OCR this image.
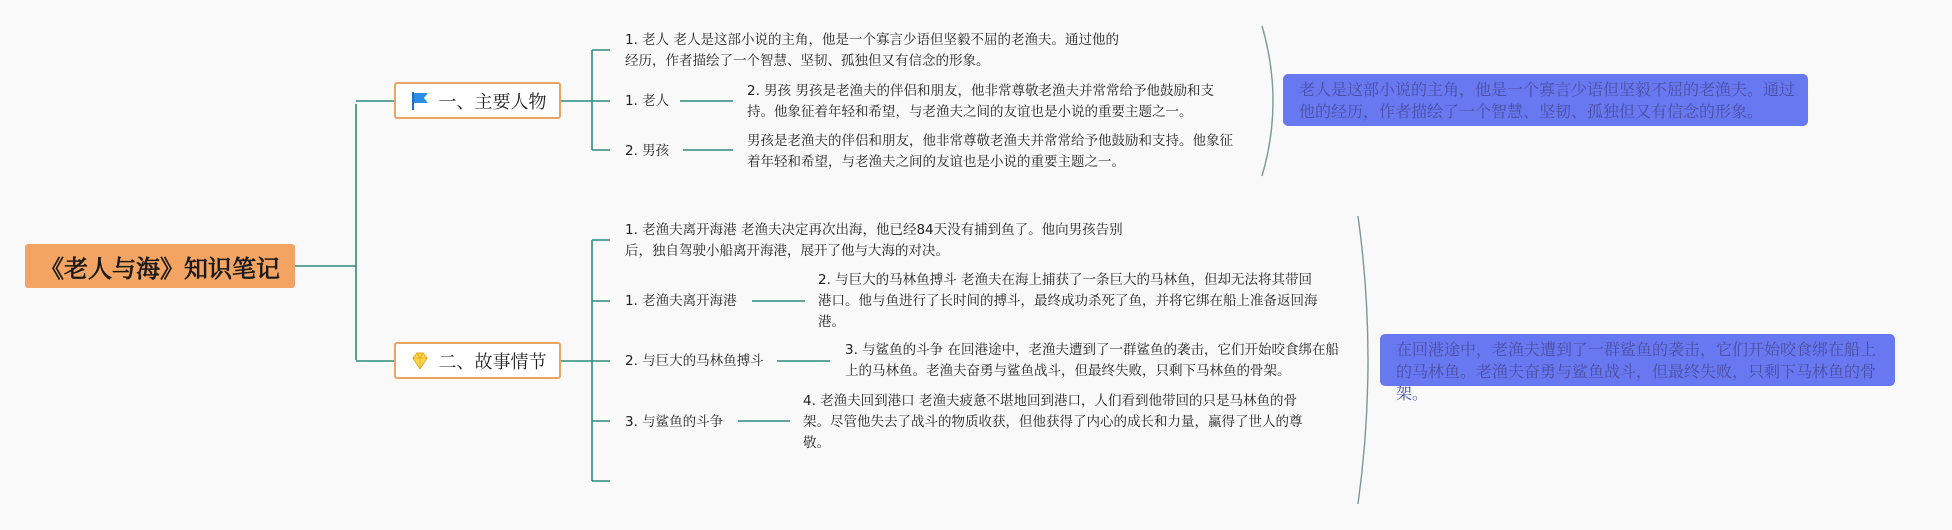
《老人与海》知识笔记
一、主要人物
1. 老人 老人是这部小说的主角，他是一个寡言少语但坚毅不屈的老渔夫。通过他的经历，作者描绘了一个智慧、坚韧、孤独但又有信念的形象。
1. 老人
2. 男孩
2. 男孩 男孩是老渔夫的伴侣和朋友，他非常尊敬老渔夫并常常给予他鼓励和支持。他象征着年轻和希望，与老渔夫之间的友谊也是小说的重要主题之一。
男孩是老渔夫的伴侣和朋友，他非常尊敬老渔夫并常常给予他鼓励和支持。他象征着年轻和希望，与老渔夫之间的友谊也是小说的重要主题之一。
老人是这部小说的主角，他是一个寡言少语但坚毅不屈的老渔夫。通过他的经历，作者描绘了一个智慧、坚韧、孤独但又有信念的形象。
二、故事情节
1. 老渔夫离开海港 老渔夫决定再次出海，他已经84天没有捕到鱼了。他向男孩告别后，独自驾驶小船离开海港，展开了他与大海的对决。
1. 老渔夫离开海港
2. 与巨大的马林鱼搏斗
3. 与鲨鱼的斗争
2. 与巨大的马林鱼搏斗 老渔夫在海上捕获了一条巨大的马林鱼，但却无法将其带回港口。他与鱼进行了长时间的搏斗，最终成功杀死了鱼，并将它绑在船上准备返回海港。
3. 与鲨鱼的斗争 在回港途中，老渔夫遭到了一群鲨鱼的袭击，它们开始咬食绑在船上的马林鱼。老渔夫奋勇与鲨鱼战斗，但最终失败，只剩下马林鱼的骨架。
4. 老渔夫回到港口 老渔夫疲惫不堪地回到港口，人们看到他带回的只是马林鱼的骨架。尽管他失去了战斗的物质收获，但他获得了内心的成长和力量，赢得了世人的尊敬。
在回港途中，老渔夫遭到了一群鲨鱼的袭击，它们开始咬食绑在船上的马林鱼。老渔夫奋勇与鲨鱼战斗，但最终失败，只剩下马林鱼的骨架。
